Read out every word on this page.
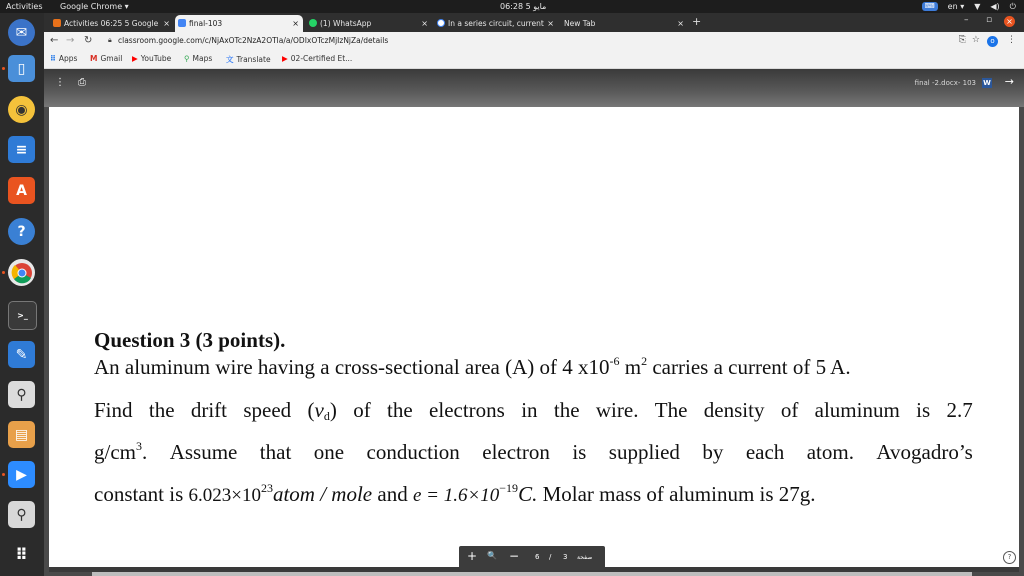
Activities Google Chrome ▾	06:28 5 مايو	⌨	en ▾ ▼ ◀) ⏻
✉
▯
◉
≡
A
?
>_
✎
⚲
▤
▶
⚲
⠿
Activities 06:25 5 Google ×	final-103	×	(1) WhatsApp	×	In a series circuit, current ×	New Tab	× +	– ▫ ×
← → ↻ 🔒︎ classroom.google.com/c/NjAxOTc2NzA2OTla/a/ODIxOTczMjIzNjZa/details	⎘ ☆	o	⋮
⠿ Apps M Gmail ▶ YouTube ⚲ Maps 文 Translate ▶ 02-Certified Et...
⋮ ⎙	final -2.docx- 103 W →
Question 3 (3 points).
An aluminum wire having a cross-sectional area (A) of 4 $x10^{-6}$ $m^2$ carries a current of 5 A.
Find the drift speed $(v_d)$ of the electrons in the wire. The density of aluminum is 2.7
$g/cm^3$. Assume that one conduction electron is supplied by each atom. Avogadro’s
constant is $6.023\times 10^{23}atom$ / mole and $e = 1.6\times 10^{-19}C$. Molar mass of aluminum is 27g.
+ 🔍 − 6 / 3 صفحة	?
